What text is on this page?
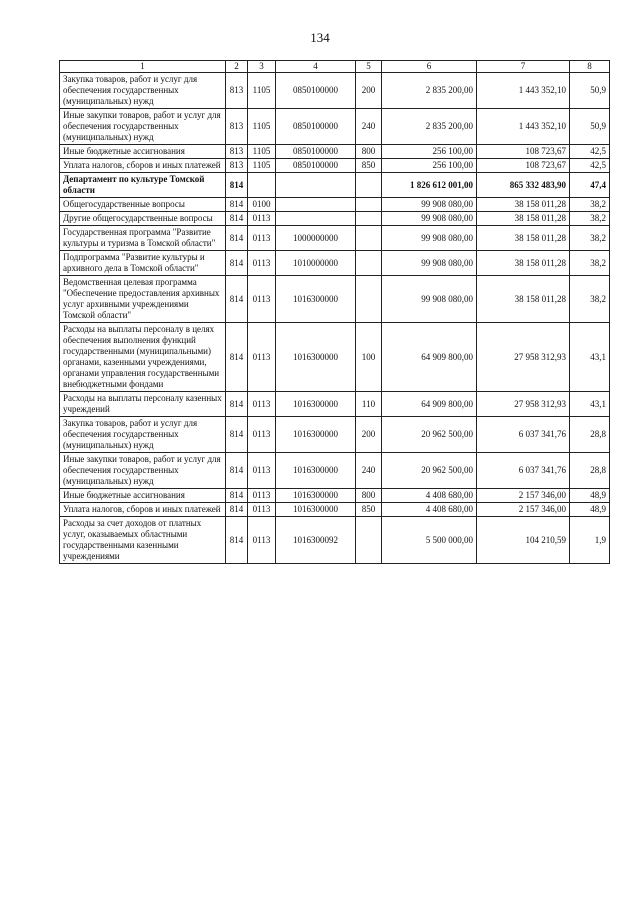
134
1	2	3	4	5	6	7	8
Закупка товаров, работ и услуг для обеспечения государственных (муниципальных) нужд	813	1105	0850100000	200	2 835 200,00	1 443 352,10	50,9
Иные закупки товаров, работ и услуг для обеспечения государственных (муниципальных) нужд	813	1105	0850100000	240	2 835 200,00	1 443 352,10	50,9
Иные бюджетные ассигнования	813	1105	0850100000	800	256 100,00	108 723,67	42,5
Уплата налогов, сборов и иных платежей	813	1105	0850100000	850	256 100,00	108 723,67	42,5
Департамент по культуре Томской области	814				1 826 612 001,00	865 332 483,90	47,4
Общегосударственные вопросы	814	0100			99 908 080,00	38 158 011,28	38,2
Другие общегосударственные вопросы	814	0113			99 908 080,00	38 158 011,28	38,2
Государственная программа "Развитие культуры и туризма в Томской области"	814	0113	1000000000		99 908 080,00	38 158 011,28	38,2
Подпрограмма "Развитие культуры и архивного дела в Томской области"	814	0113	1010000000		99 908 080,00	38 158 011,28	38,2
Ведомственная целевая программа "Обеспечение предоставления архивных услуг архивными учреждениями Томской области"	814	0113	1016300000		99 908 080,00	38 158 011,28	38,2
Расходы на выплаты персоналу в целях обеспечения выполнения функций государственными (муниципальными) органами, казенными учреждениями, органами управления государственными внебюджетными фондами	814	0113	1016300000	100	64 909 800,00	27 958 312,93	43,1
Расходы на выплаты персоналу казенных учреждений	814	0113	1016300000	110	64 909 800,00	27 958 312,93	43,1
Закупка товаров, работ и услуг для обеспечения государственных (муниципальных) нужд	814	0113	1016300000	200	20 962 500,00	6 037 341,76	28,8
Иные закупки товаров, работ и услуг для обеспечения государственных (муниципальных) нужд	814	0113	1016300000	240	20 962 500,00	6 037 341,76	28,8
Иные бюджетные ассигнования	814	0113	1016300000	800	4 408 680,00	2 157 346,00	48,9
Уплата налогов, сборов и иных платежей	814	0113	1016300000	850	4 408 680,00	2 157 346,00	48,9
Расходы за счет доходов от платных услуг, оказываемых областными государственными казенными учреждениями	814	0113	1016300092		5 500 000,00	104 210,59	1,9
